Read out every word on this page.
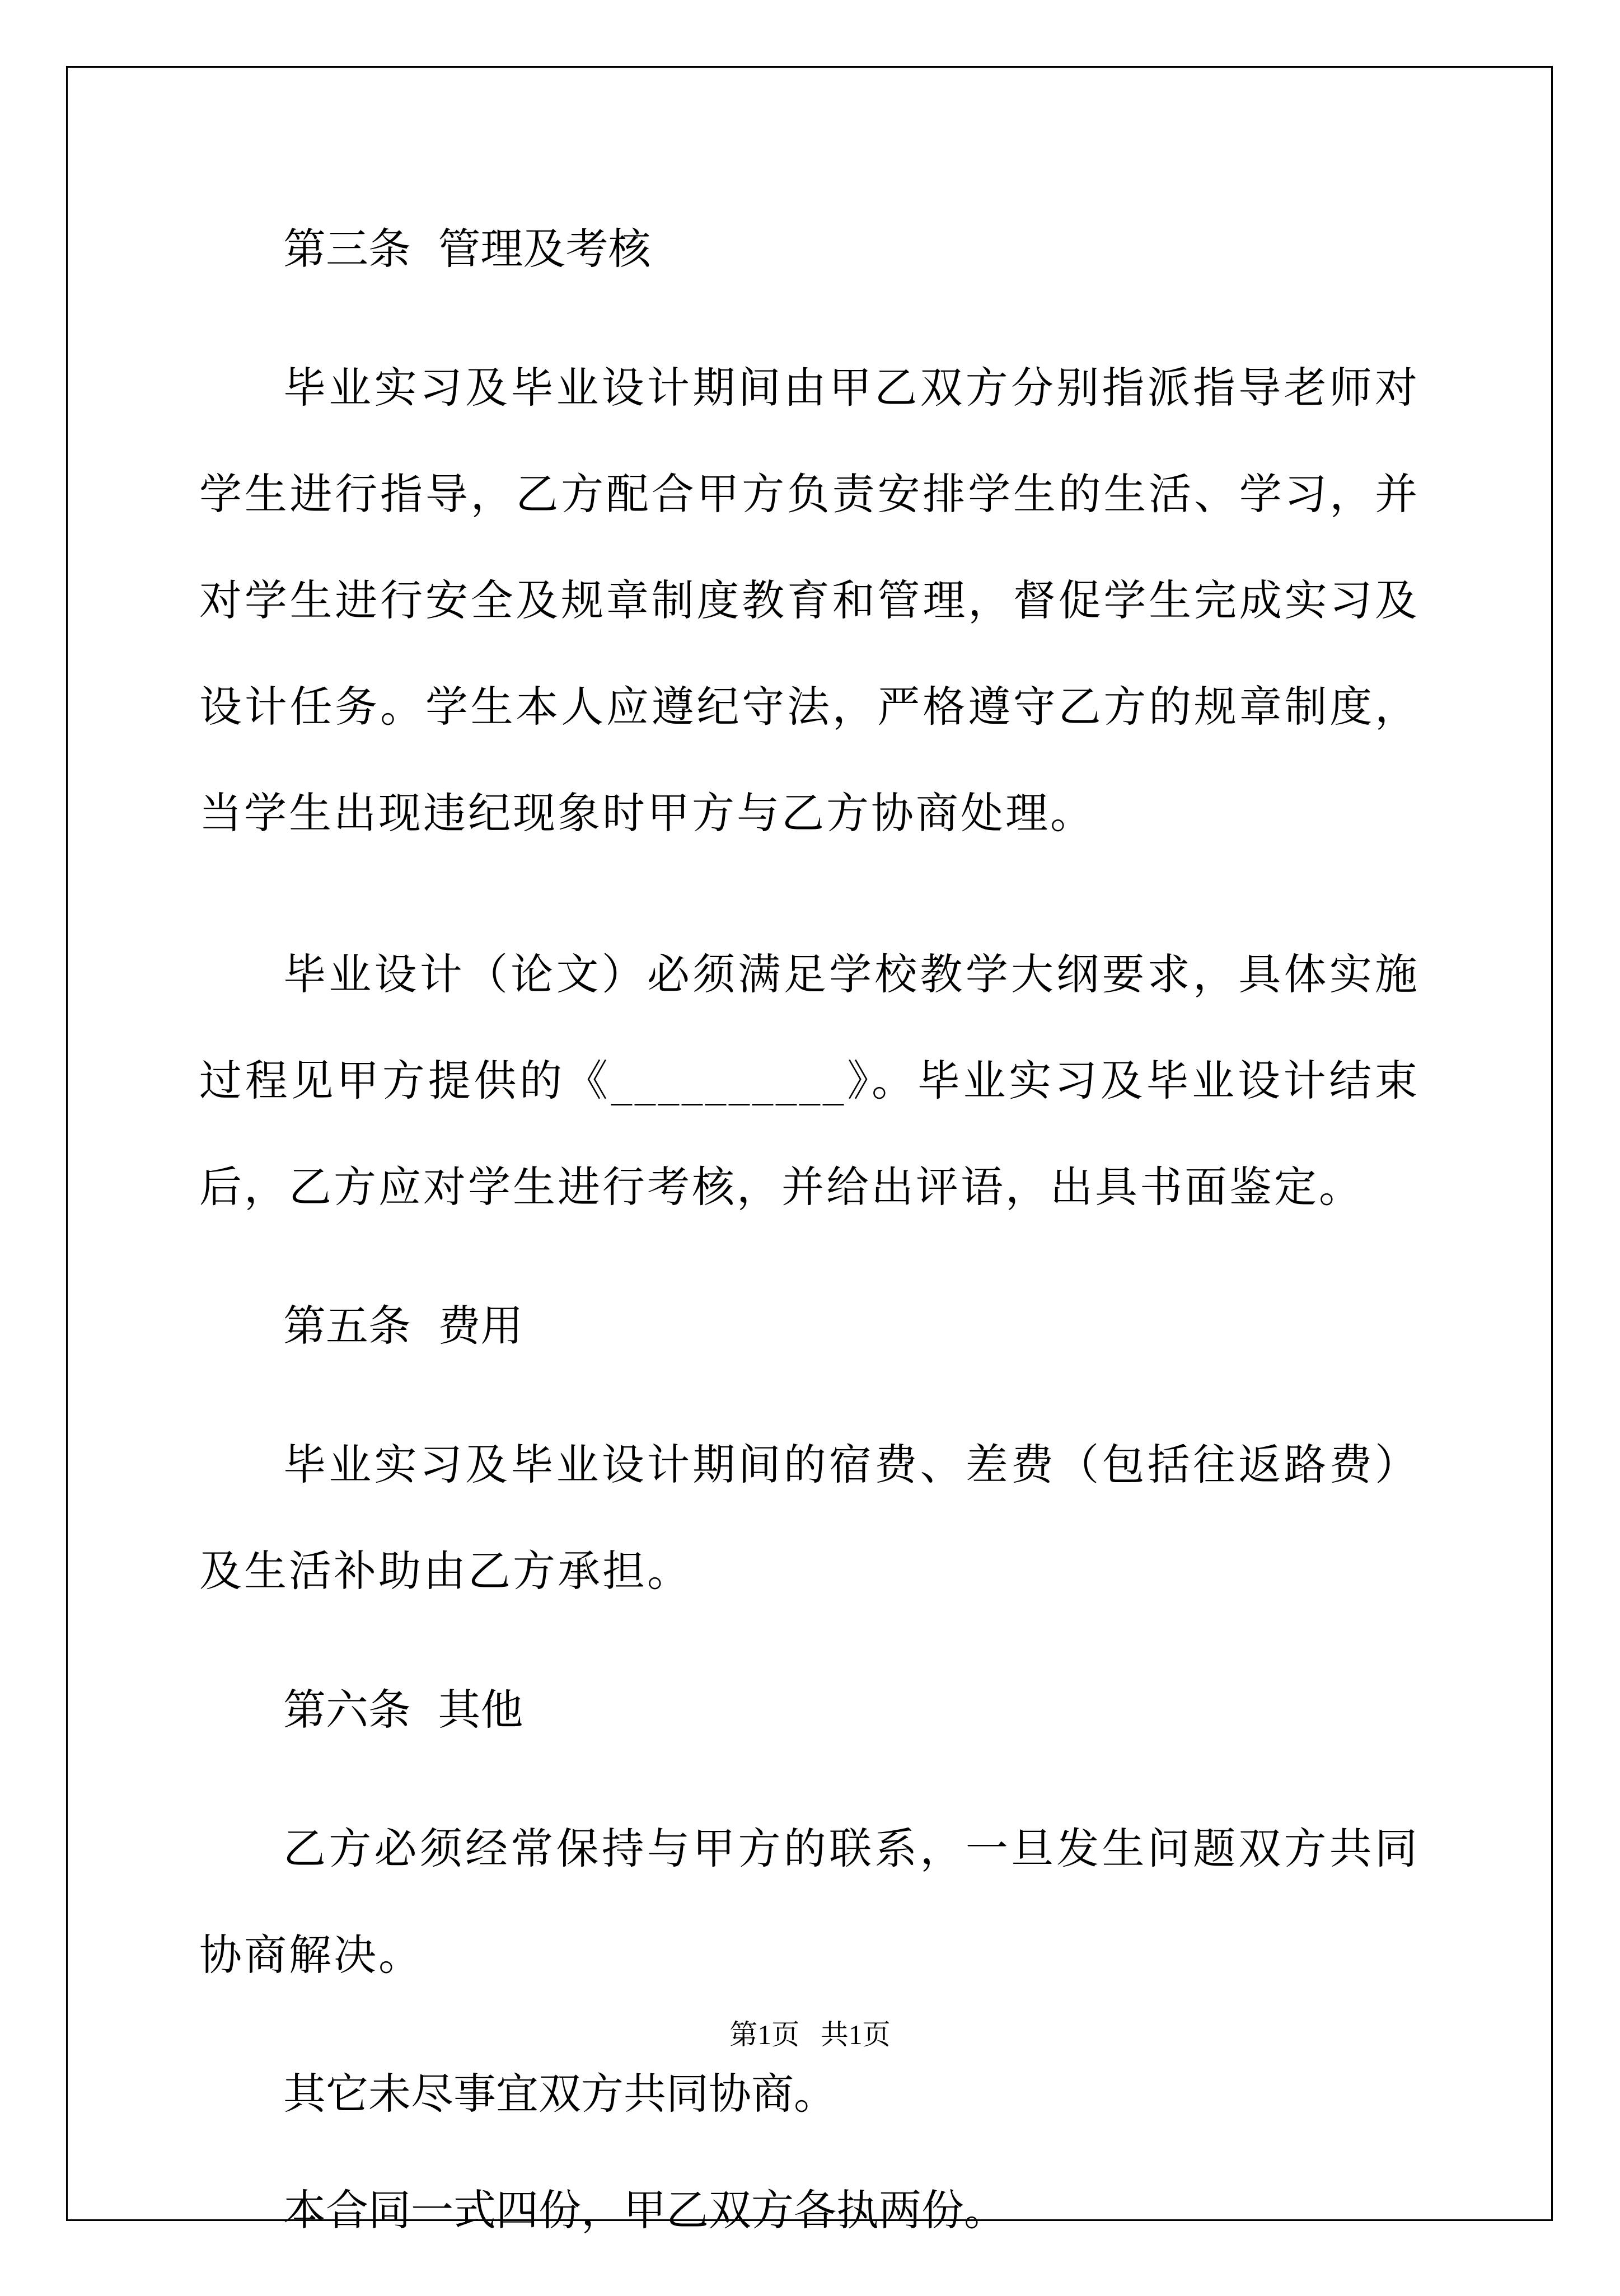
第三条  管理及考核
毕业实习及毕业设计期间由甲乙双方分别指派指导老师对学生进行指导，乙方配合甲方负责安排学生的生活、学习，并对学生进行安全及规章制度教育和管理，督促学生完成实习及设计任务。学生本人应遵纪守法，严格遵守乙方的规章制度，当学生出现违纪现象时甲方与乙方协商处理。
毕业设计（论文）必须满足学校教学大纲要求，具体实施过程见甲方提供的《__________》。毕业实习及毕业设计结束后，乙方应对学生进行考核，并给出评语，出具书面鉴定。
第五条  费用
毕业实习及毕业设计期间的宿费、差费（包括往返路费）及生活补助由乙方承担。
第六条  其他
乙方必须经常保持与甲方的联系，一旦发生问题双方共同协商解决。
其它未尽事宜双方共同协商。
本合同一式四份，甲乙双方各执两份。
第1页   共1页
